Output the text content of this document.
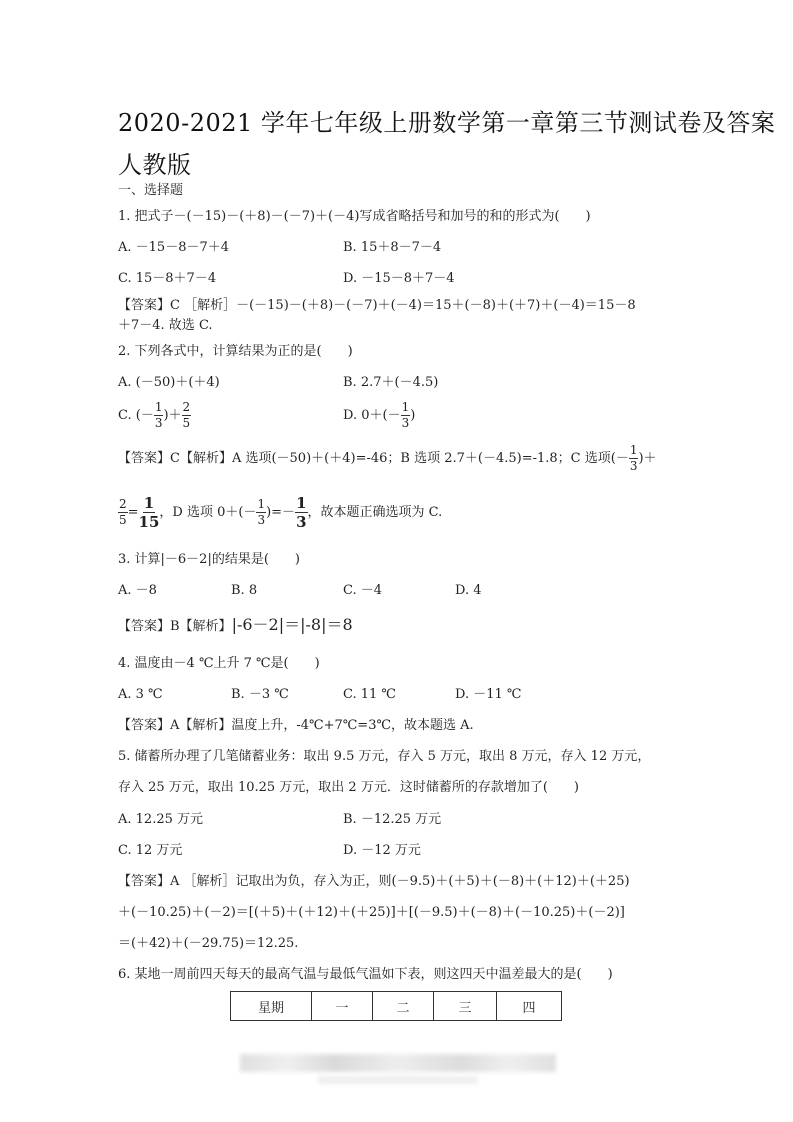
2020-2021 学年七年级上册数学第一章第三节测试卷及答案
人教版
一、选择题
1. 把式子－(－15)－(＋8)－(－7)＋(－4)写成省略括号和加号的和的形式为(　　)
A. －15－8－7＋4	B. 15＋8－7－4
C. 15－8＋7－4	D. －15－8＋7－4
【答案】C ［解析］－(－15)－(＋8)－(－7)＋(－4)＝15＋(－8)＋(＋7)＋(－4)＝15－8
＋7－4. 故选 C.
2. 下列各式中，计算结果为正的是(　　)
A. (－50)＋(＋4)	B. 2.7＋(－4.5)
C. (－ $\frac{1}{3}$ )＋ $\frac{2}{5}$	D. $0+(- \frac{1}{3}$ )
【答案】C【解析】A 选项(－50)＋(＋4)=-46；B 选项 2.7＋(－4.5)=-1.8；C 选项(－ $\frac{1}{3}$ )＋
$\frac{2}{5} = \frac{1}{15}$ ，D 选项 $0+(- \frac{1}{3}$ )=－ $\frac{1}{3}$ ，故本题正确选项为 C.
3. 计算|－6－2|的结果是(　　)
A. －8	B. 8	C. －4	D. 4
【答案】B【解析】|-6－2|＝|-8|＝8
4. 温度由－4 ℃上升 7 ℃是(　　)
A. 3 ℃	B. －3 ℃	C. 11 ℃	D. －11 ℃
【答案】A【解析】温度上升，-4℃+7℃=3℃，故本题选 A.
5. 储蓄所办理了几笔储蓄业务：取出 9.5 万元，存入 5 万元，取出 8 万元，存入 12 万元，
存入 25 万元，取出 10.25 万元，取出 2 万元．这时储蓄所的存款增加了(　　)
A. 12.25 万元	B. －12.25 万元
C. 12 万元	D. －12 万元
【答案】A ［解析］记取出为负，存入为正，则(－9.5)＋(＋5)＋(－8)＋(＋12)＋(＋25)
＋(－10.25)＋(－2)＝[(＋5)＋(＋12)＋(＋25)]＋[(－9.5)＋(－8)＋(－10.25)＋(－2)]
＝(＋42)＋(－29.75)＝12.25.
6. 某地一周前四天每天的最高气温与最低气温如下表，则这四天中温差最大的是(　　)
星期	一	二	三	四
